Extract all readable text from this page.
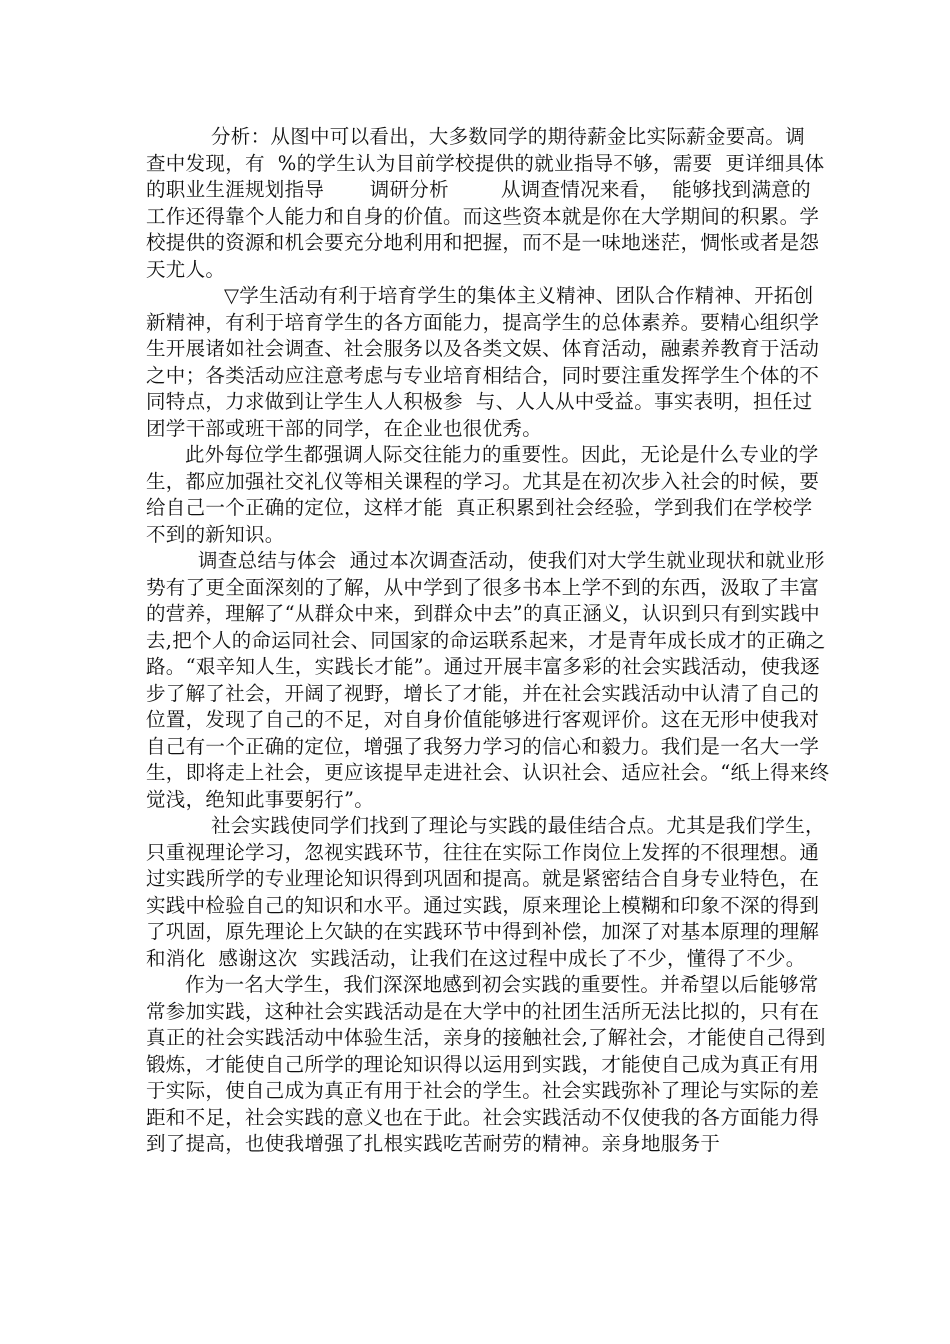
分析：从图中可以看出，大多数同学的期待薪金比实际薪金要高。调  查中发现，有  %的学生认为目前学校提供的就业指导不够，需要  更详细具体的职业生涯规划指导       调研分析        从调查情况来看，  能够找到满意的工作还得靠个人能力和自身的价值。而这些资本就是你在大学期间的积累。学校提供的资源和机会要充分地利用和把握，而不是一味地迷茫，惆怅或者是怨天尤人。

▽学生活动有利于培育学生的集体主义精神、团队合作精神、开拓创新精神，有利于培育学生的各方面能力，提高学生的总体素养。要精心组织学生开展诸如社会调查、社会服务以及各类文娱、体育活动，融素养教育于活动之中；各类活动应注意考虑与专业培育相结合，同时要注重发挥学生个体的不同特点，力求做到让学生人人积极参  与、人人从中受益。事实表明，担任过团学干部或班干部的同学，在企业也很优秀。

此外每位学生都强调人际交往能力的重要性。因此，无论是什么专业的学生，都应加强社交礼仪等相关课程的学习。尤其是在初次步入社会的时候，要给自己一个正确的定位，这样才能  真正积累到社会经验，学到我们在学校学不到的新知识。

调查总结与体会  通过本次调查活动，使我们对大学生就业现状和就业形势有了更全面深刻的了解，从中学到了很多书本上学不到的东西，汲取了丰富的营养，理解了“从群众中来，到群众中去”的真正涵义，认识到只有到实践中去,把个人的命运同社会、同国家的命运联系起来，才是青年成长成才的正确之路。“艰辛知人生，实践长才能”。通过开展丰富多彩的社会实践活动，使我逐步了解了社会，开阔了视野，增长了才能，并在社会实践活动中认清了自己的位置，发现了自己的不足，对自身价值能够进行客观评价。这在无形中使我对自己有一个正确的定位，增强了我努力学习的信心和毅力。我们是一名大一学生，即将走上社会，更应该提早走进社会、认识社会、适应社会。“纸上得来终觉浅，绝知此事要躬行”。

社会实践使同学们找到了理论与实践的最佳结合点。尤其是我们学生，只重视理论学习，忽视实践环节，往往在实际工作岗位上发挥的不很理想。通过实践所学的专业理论知识得到巩固和提高。就是紧密结合自身专业特色，在实践中检验自己的知识和水平。通过实践，原来理论上模糊和印象不深的得到了巩固，原先理论上欠缺的在实践环节中得到补偿，加深了对基本原理的理解和消化  感谢这次  实践活动，让我们在这过程中成长了不少，懂得了不少。

作为一名大学生，我们深深地感到初会实践的重要性。并希望以后能够常常参加实践，这种社会实践活动是在大学中的社团生活所无法比拟的，只有在真正的社会实践活动中体验生活，亲身的接触社会,了解社会，才能使自己得到锻炼，才能使自己所学的理论知识得以运用到实践，才能使自己成为真正有用于实际，使自己成为真正有用于社会的学生。社会实践弥补了理论与实际的差距和不足，社会实践的意义也在于此。社会实践活动不仅使我的各方面能力得到了提高，也使我增强了扎根实践吃苦耐劳的精神。亲身地服务于
